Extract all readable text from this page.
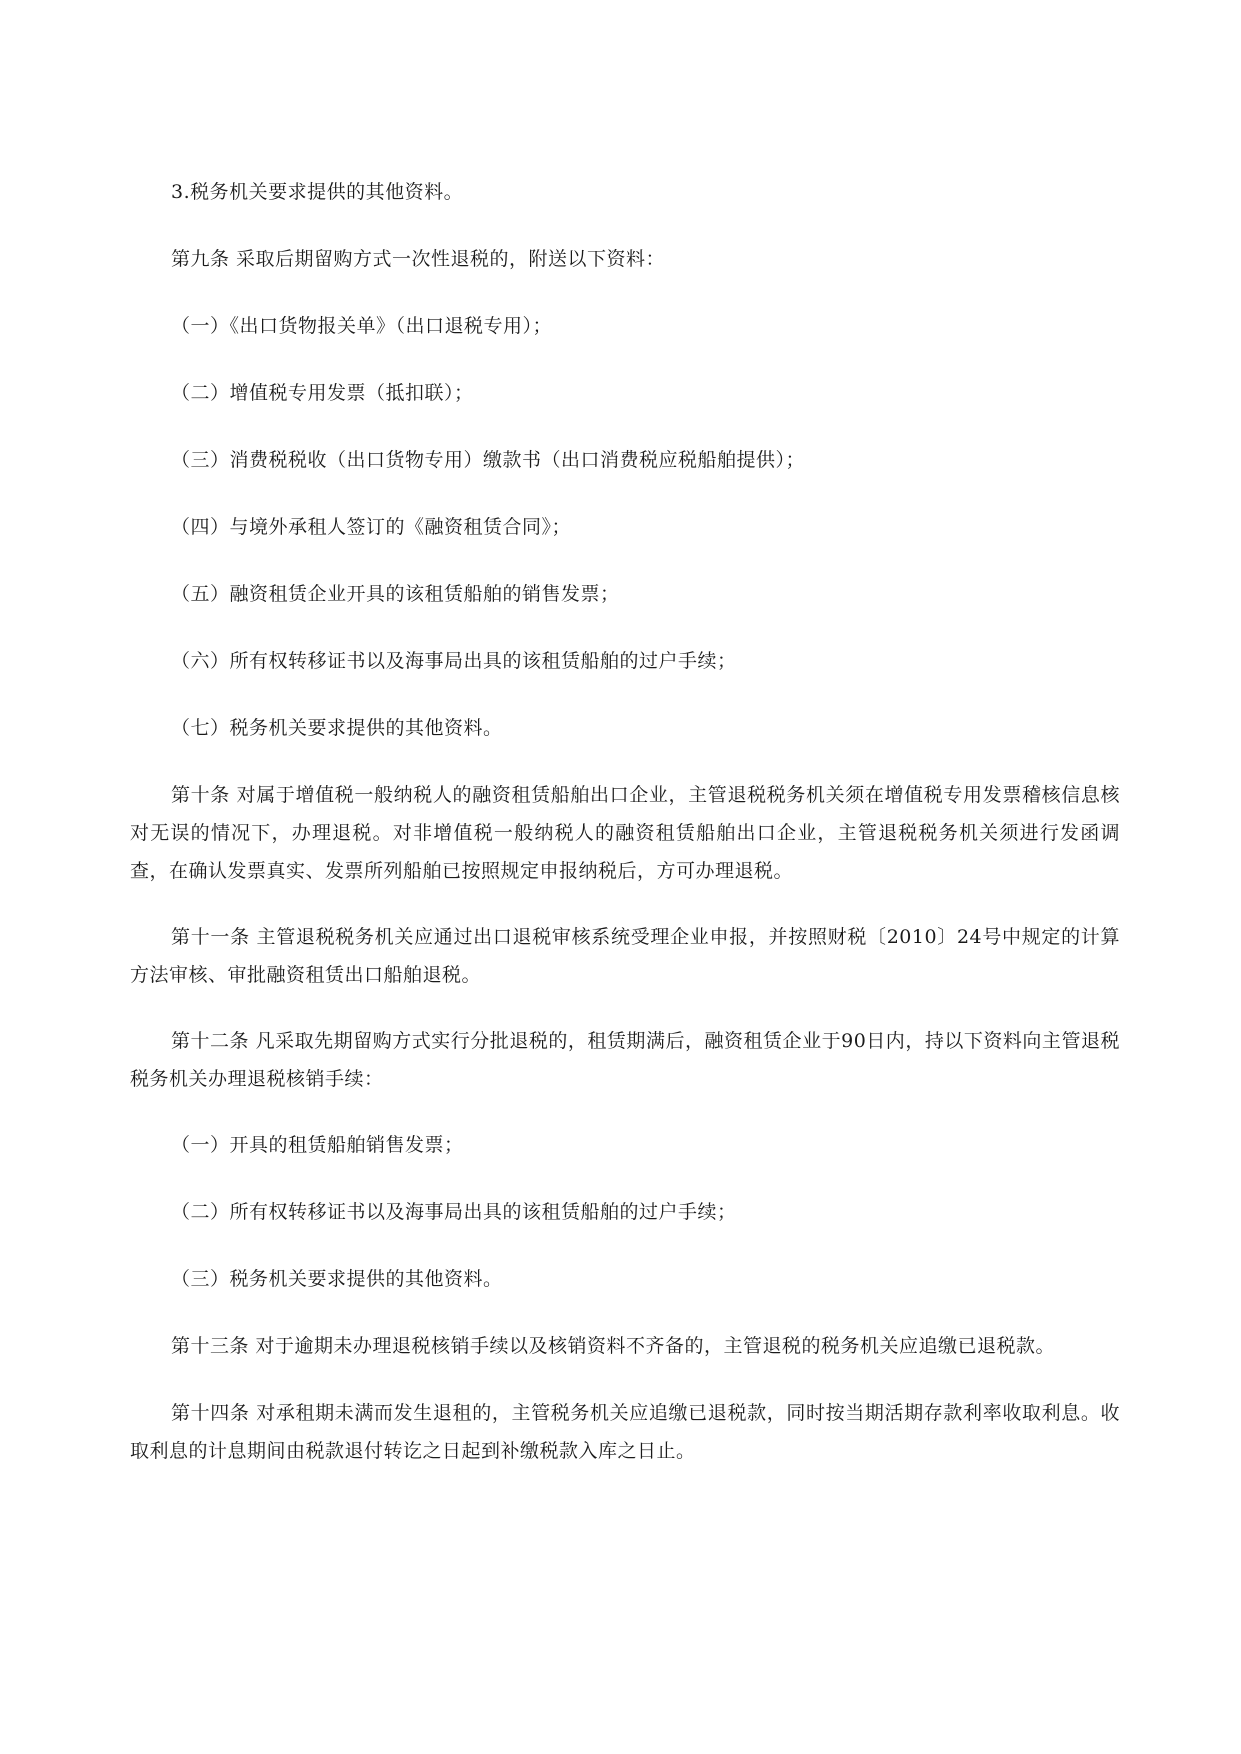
3.税务机关要求提供的其他资料。
第九条 采取后期留购方式一次性退税的，附送以下资料：
（一）《出口货物报关单》（出口退税专用）；
（二）增值税专用发票（抵扣联）；
（三）消费税税收（出口货物专用）缴款书（出口消费税应税船舶提供）；
（四）与境外承租人签订的《融资租赁合同》；
（五）融资租赁企业开具的该租赁船舶的销售发票；
（六）所有权转移证书以及海事局出具的该租赁船舶的过户手续；
（七）税务机关要求提供的其他资料。
第十条 对属于增值税一般纳税人的融资租赁船舶出口企业，主管退税税务机关须在增值税专用发票稽核信息核对无误的情况下，办理退税。对非增值税一般纳税人的融资租赁船舶出口企业，主管退税税务机关须进行发函调查，在确认发票真实、发票所列船舶已按照规定申报纳税后，方可办理退税。
第十一条 主管退税税务机关应通过出口退税审核系统受理企业申报，并按照财税〔2010〕24号中规定的计算方法审核、审批融资租赁出口船舶退税。
第十二条 凡采取先期留购方式实行分批退税的，租赁期满后，融资租赁企业于90日内，持以下资料向主管退税税务机关办理退税核销手续：
（一）开具的租赁船舶销售发票；
（二）所有权转移证书以及海事局出具的该租赁船舶的过户手续；
（三）税务机关要求提供的其他资料。
第十三条 对于逾期未办理退税核销手续以及核销资料不齐备的，主管退税的税务机关应追缴已退税款。
第十四条 对承租期未满而发生退租的，主管税务机关应追缴已退税款，同时按当期活期存款利率收取利息。收取利息的计息期间由税款退付转讫之日起到补缴税款入库之日止。
